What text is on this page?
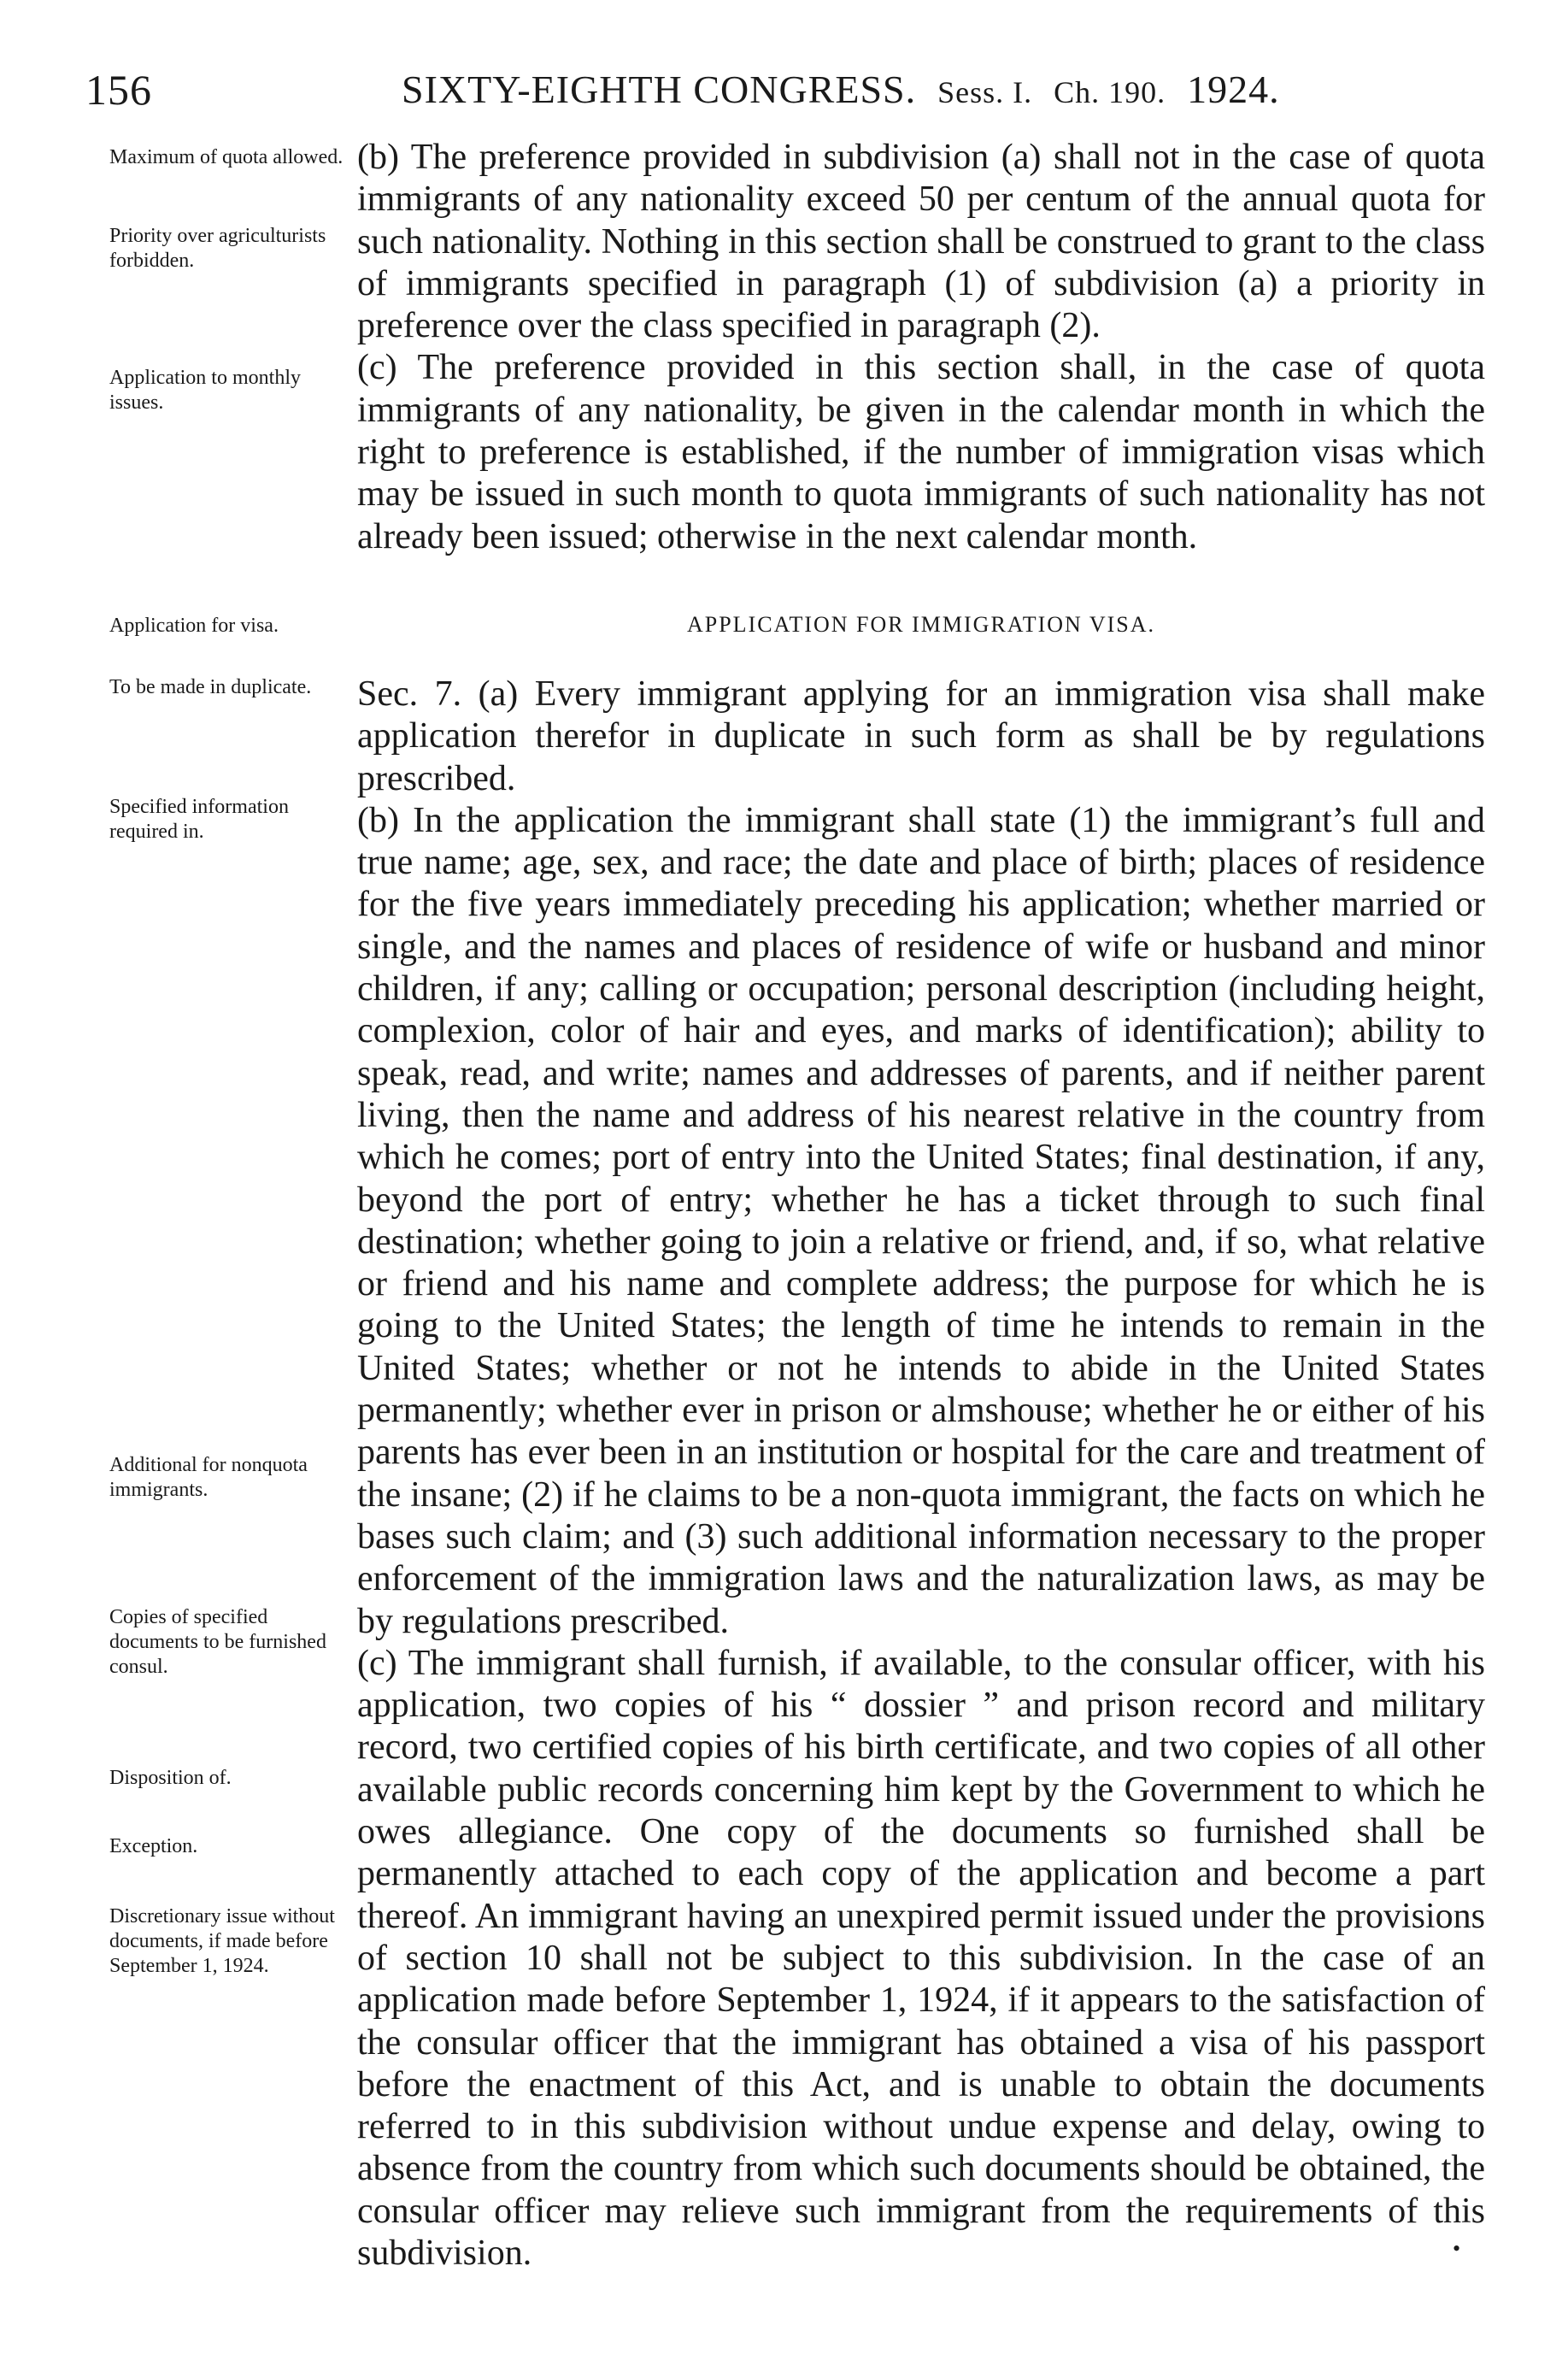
156	SIXTY-EIGHTH CONGRESS. Sess. I. Ch. 190. 1924.
Maximum of quota allowed.
Priority over agriculturists forbidden.
Application to monthly issues.
Application for visa.
To be made in duplicate.
Specified information required in.
Additional for nonquota immigrants.
Copies of specified documents to be furnished consul.
Disposition of.
Exception.
Discretionary issue without documents, if made before September 1, 1924.

(b) The preference provided in subdivision (a) shall not in the case of quota immigrants of any nationality exceed 50 per centum of the annual quota for such nationality. Nothing in this section shall be construed to grant to the class of immigrants specified in paragraph (1) of subdivision (a) a priority in preference over the class specified in paragraph (2).

(c) The preference provided in this section shall, in the case of quota immigrants of any nationality, be given in the calendar month in which the right to preference is established, if the number of immigration visas which may be issued in such month to quota immigrants of such nationality has not already been issued; otherwise in the next calendar month.

APPLICATION FOR IMMIGRATION VISA.

Sec. 7. (a) Every immigrant applying for an immigration visa shall make application therefor in duplicate in such form as shall be by regulations prescribed.

(b) In the application the immigrant shall state (1) the immigrant’s full and true name; age, sex, and race; the date and place of birth; places of residence for the five years immediately preceding his application; whether married or single, and the names and places of residence of wife or husband and minor children, if any; calling or occupation; personal description (including height, complexion, color of hair and eyes, and marks of identification); ability to speak, read, and write; names and addresses of parents, and if neither parent living, then the name and address of his nearest relative in the country from which he comes; port of entry into the United States; final destination, if any, beyond the port of entry; whether he has a ticket through to such final destination; whether going to join a relative or friend, and, if so, what relative or friend and his name and complete address; the purpose for which he is going to the United States; the length of time he intends to remain in the United States; whether or not he intends to abide in the United States permanently; whether ever in prison or almshouse; whether he or either of his parents has ever been in an institution or hospital for the care and treatment of the insane; (2) if he claims to be a non-quota immigrant, the facts on which he bases such claim; and (3) such additional information necessary to the proper enforcement of the immigration laws and the naturalization laws, as may be by regulations prescribed.

(c) The immigrant shall furnish, if available, to the consular officer, with his application, two copies of his “ dossier ” and prison record and military record, two certified copies of his birth certificate, and two copies of all other available public records concerning him kept by the Government to which he owes allegiance. One copy of the documents so furnished shall be permanently attached to each copy of the application and become a part thereof. An immigrant having an unexpired permit issued under the provisions of section 10 shall not be subject to this subdivision. In the case of an application made before September 1, 1924, if it appears to the satisfaction of the consular officer that the immigrant has obtained a visa of his passport before the enactment of this Act, and is unable to obtain the documents referred to in this subdivision without undue expense and delay, owing to absence from the country from which such documents should be obtained, the consular officer may relieve such immigrant from the requirements of this subdivision.	•
